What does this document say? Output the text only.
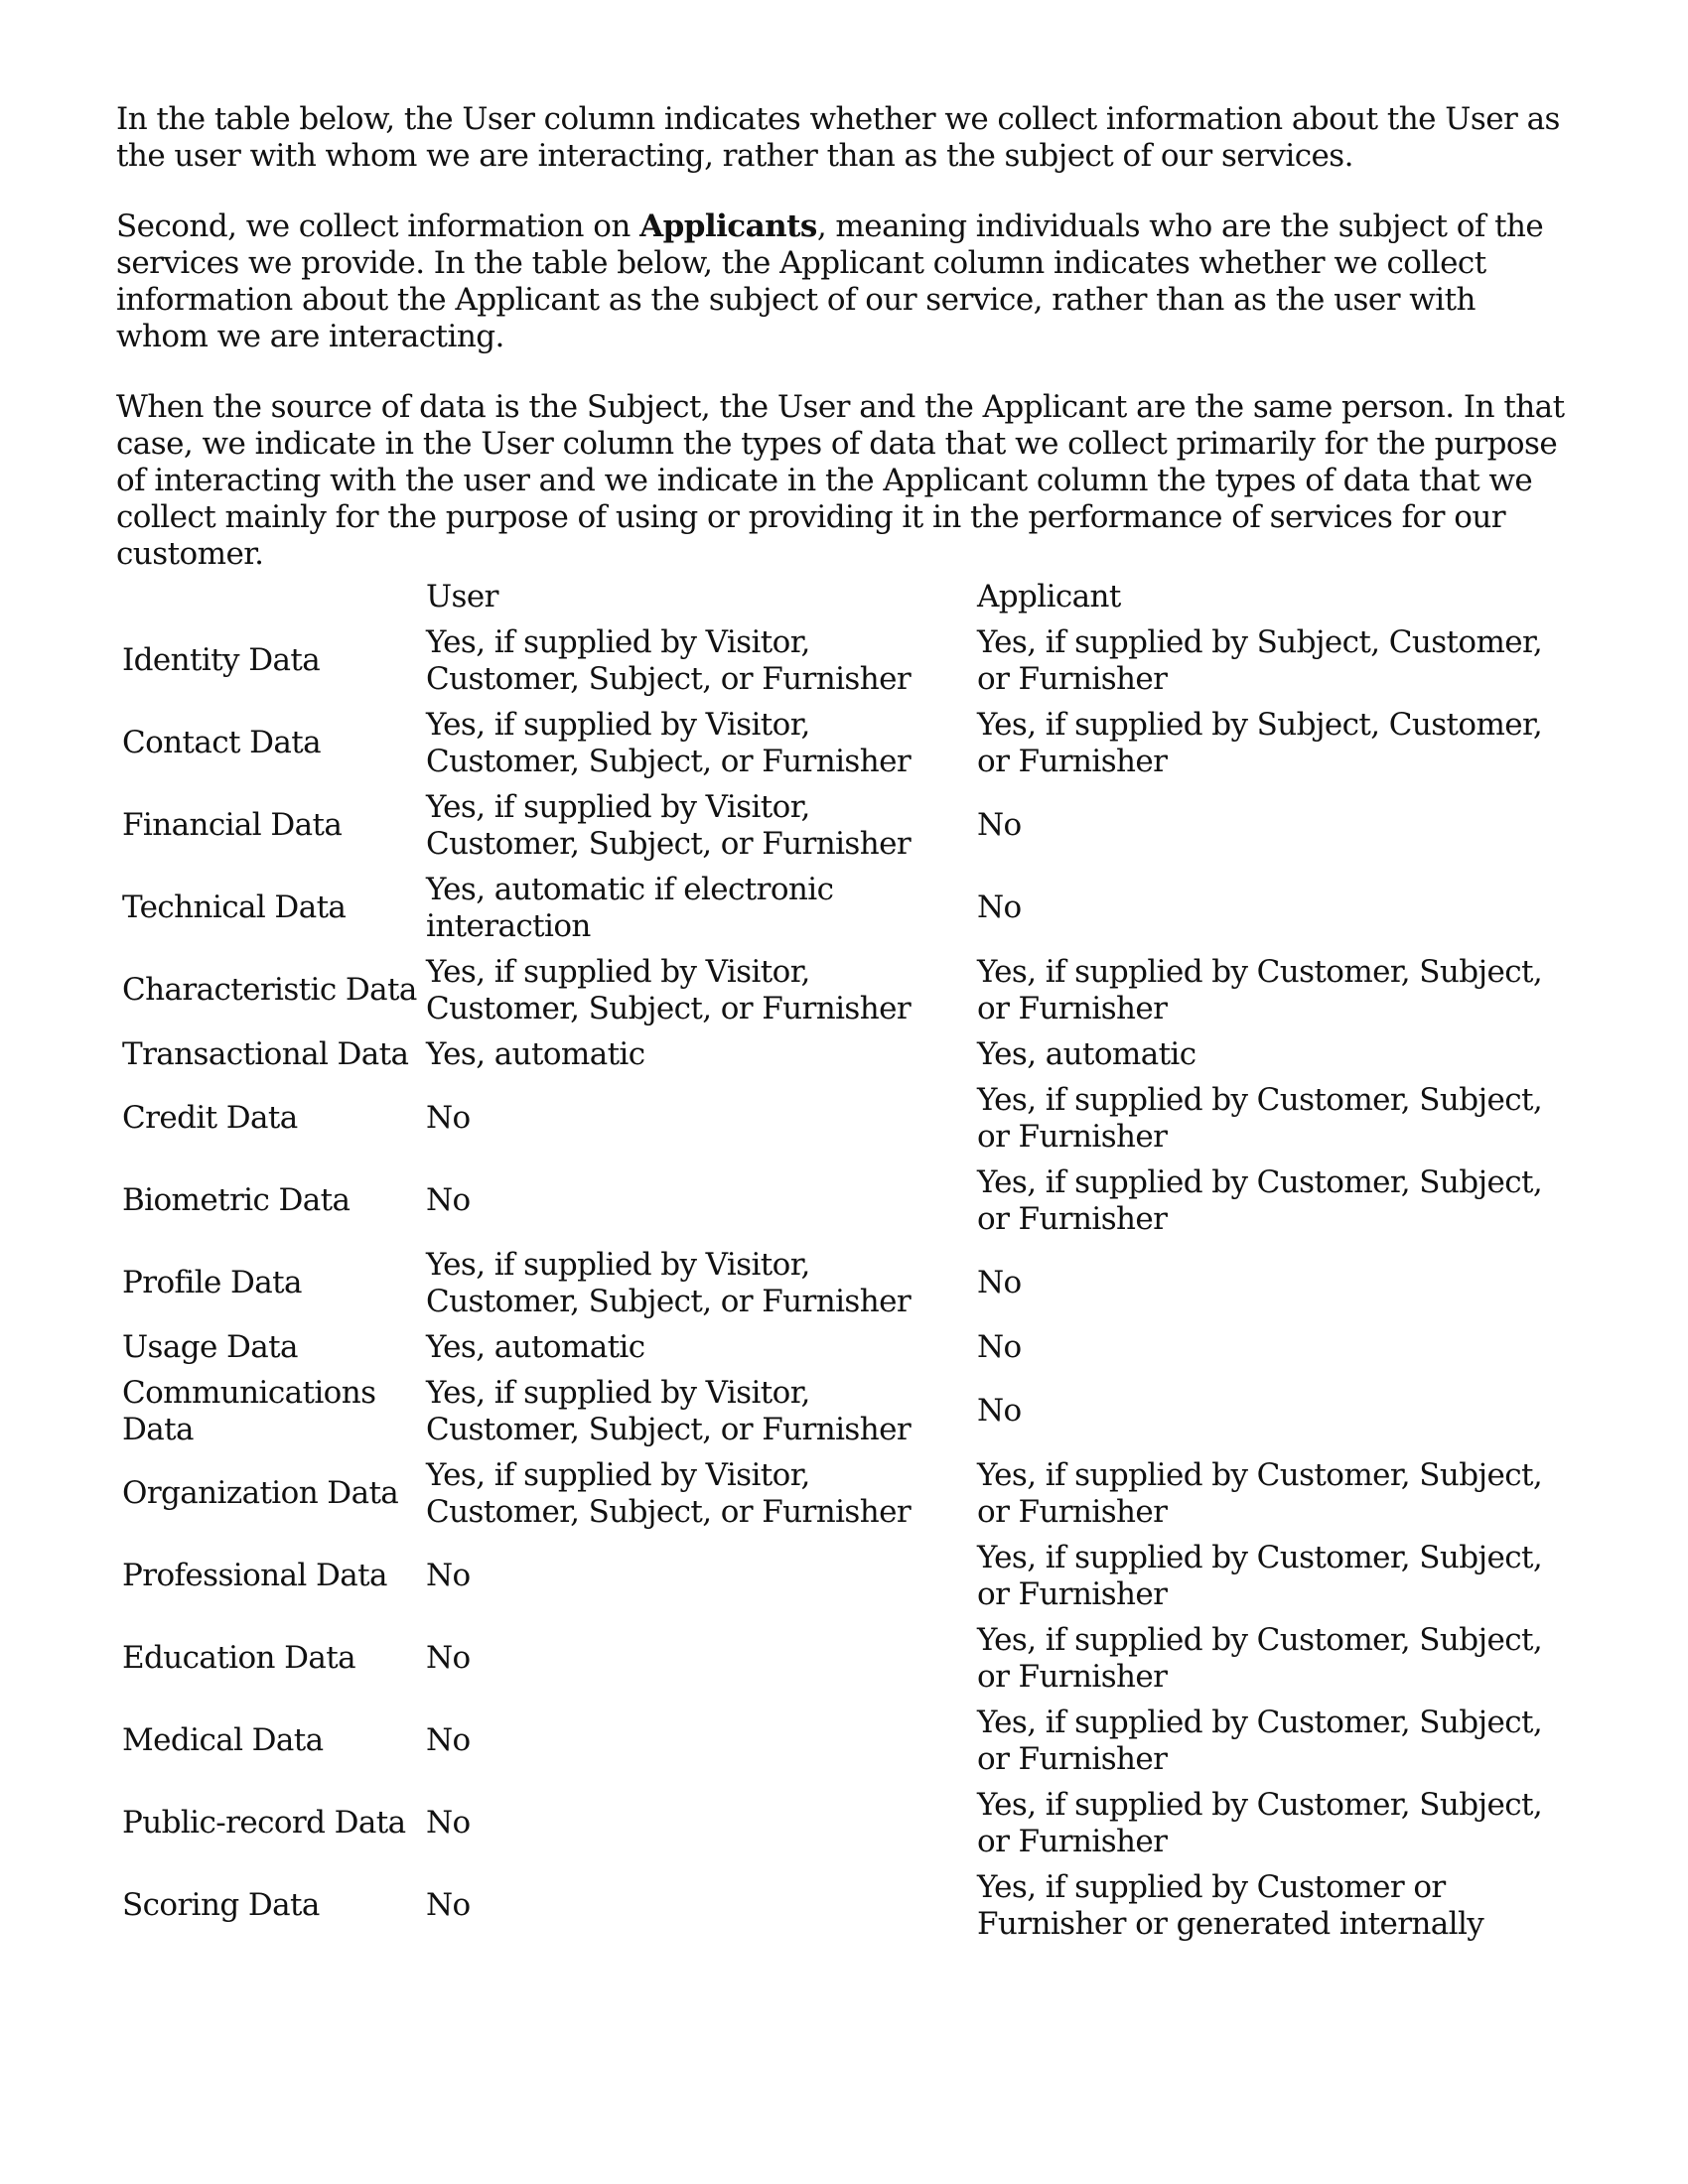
In the table below, the User column indicates whether we collect information about the User as the user with whom we are interacting, rather than as the subject of our services.

Second, we collect information on Applicants, meaning individuals who are the subject of the services we provide. In the table below, the Applicant column indicates whether we collect information about the Applicant as the subject of our service, rather than as the user with whom we are interacting.

When the source of data is the Subject, the User and the Applicant are the same person. In that case, we indicate in the User column the types of data that we collect primarily for the purpose of interacting with the user and we indicate in the Applicant column the types of data that we collect mainly for the purpose of using or providing it in the performance of services for our customer.

	User	Applicant
Identity Data	Yes, if supplied by Visitor, Customer, Subject, or Furnisher	Yes, if supplied by Subject, Customer, or Furnisher
Contact Data	Yes, if supplied by Visitor, Customer, Subject, or Furnisher	Yes, if supplied by Subject, Customer, or Furnisher
Financial Data	Yes, if supplied by Visitor, Customer, Subject, or Furnisher	No
Technical Data	Yes, automatic if electronic interaction	No
Characteristic Data	Yes, if supplied by Visitor, Customer, Subject, or Furnisher	Yes, if supplied by Customer, Subject, or Furnisher
Transactional Data	Yes, automatic	Yes, automatic
Credit Data	No	Yes, if supplied by Customer, Subject, or Furnisher
Biometric Data	No	Yes, if supplied by Customer, Subject, or Furnisher
Profile Data	Yes, if supplied by Visitor, Customer, Subject, or Furnisher	No
Usage Data	Yes, automatic	No
Communications Data	Yes, if supplied by Visitor, Customer, Subject, or Furnisher	No
Organization Data	Yes, if supplied by Visitor, Customer, Subject, or Furnisher	Yes, if supplied by Customer, Subject, or Furnisher
Professional Data	No	Yes, if supplied by Customer, Subject, or Furnisher
Education Data	No	Yes, if supplied by Customer, Subject, or Furnisher
Medical Data	No	Yes, if supplied by Customer, Subject, or Furnisher
Public-record Data	No	Yes, if supplied by Customer, Subject, or Furnisher
Scoring Data	No	Yes, if supplied by Customer or Furnisher or generated internally
